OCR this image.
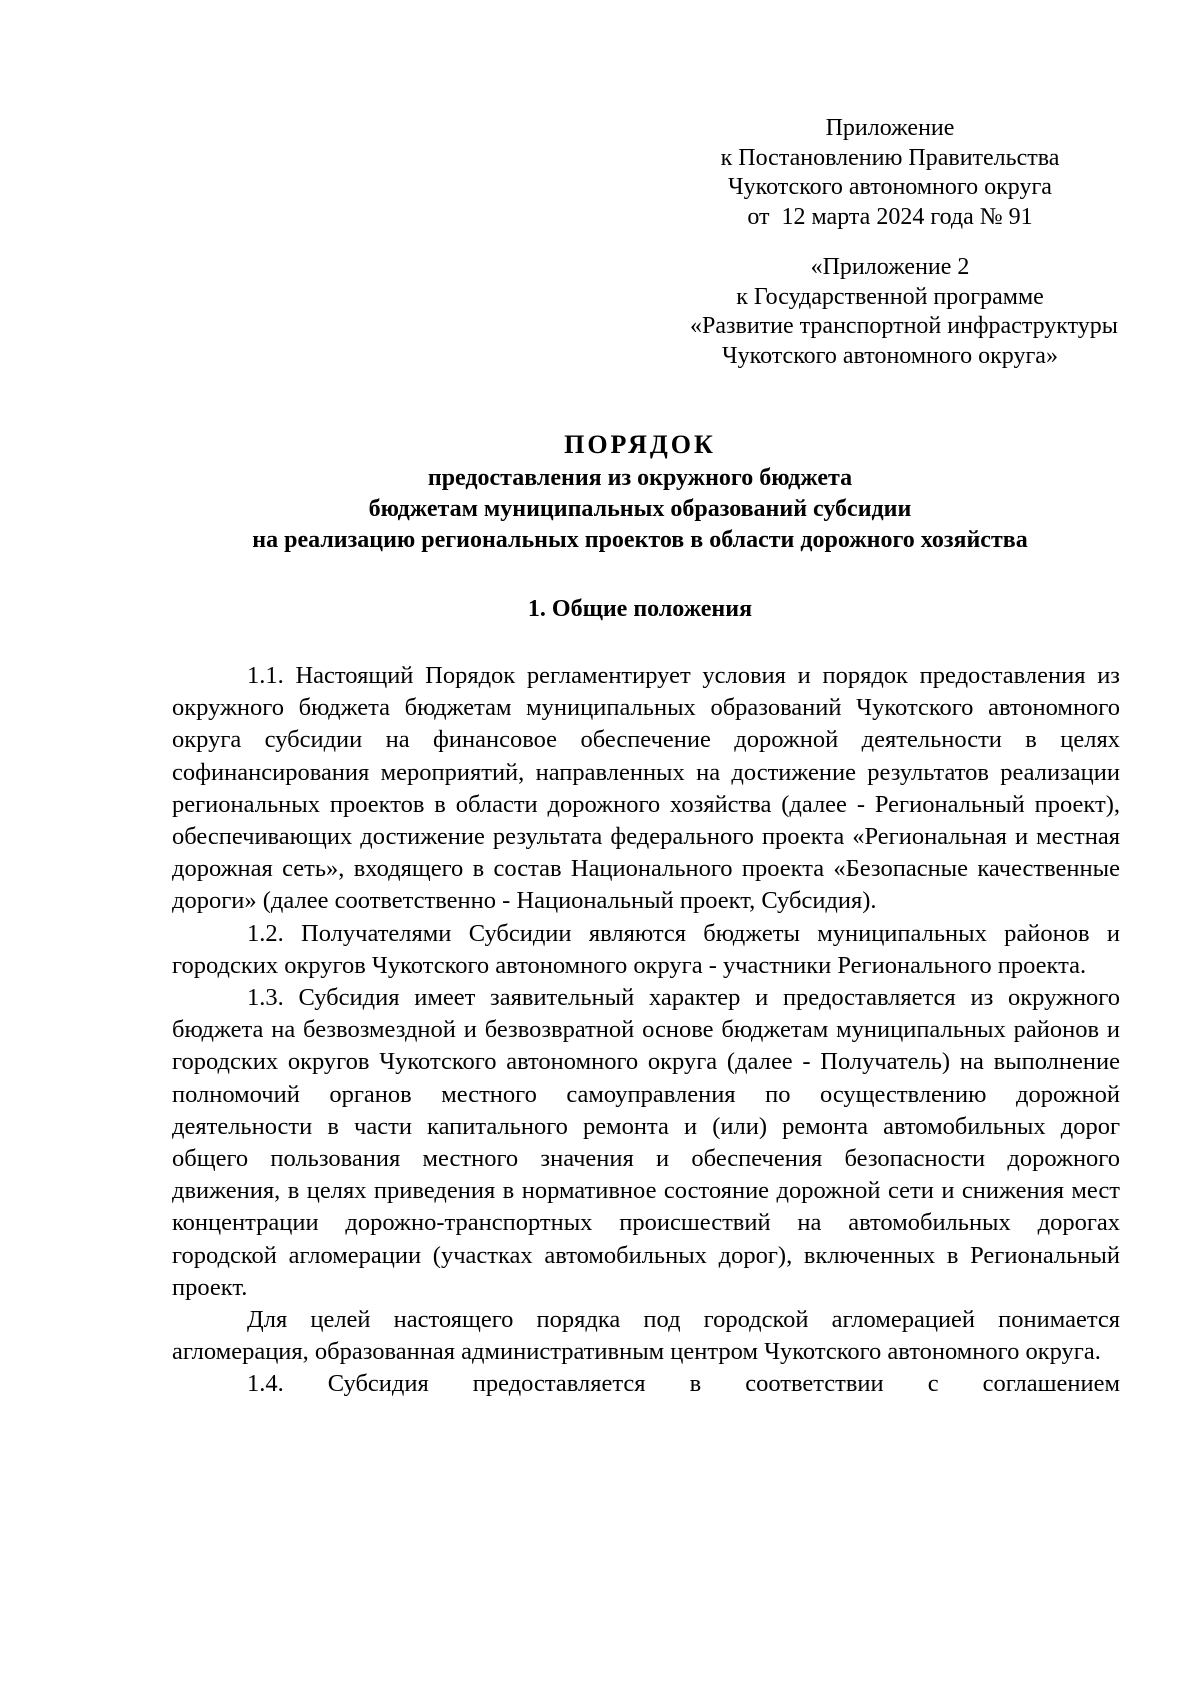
Приложение
к Постановлению Правительства
Чукотского автономного округа
от  12 марта 2024 года № 91
«Приложение 2
к Государственной программе
«Развитие транспортной инфраструктуры
Чукотского автономного округа»
ПОРЯДОК
предоставления из окружного бюджета
бюджетам муниципальных образований субсидии
на реализацию региональных проектов в области дорожного хозяйства
1. Общие положения

1.1. Настоящий Порядок регламентирует условия и порядок предоставления из окружного бюджета бюджетам муниципальных образований Чукотского автономного округа субсидии на финансовое обеспечение дорожной деятельности в целях софинансирования мероприятий, направленных на достижение результатов реализации региональных проектов в области дорожного хозяйства (далее - Региональный проект), обеспечивающих достижение результата федерального проекта «Региональная и местная дорожная сеть», входящего в состав Национального проекта «Безопасные качественные дороги» (далее соответственно - Национальный проект, Субсидия).

1.2. Получателями Субсидии являются бюджеты муниципальных районов и городских округов Чукотского автономного округа - участники Регионального проекта.

1.3. Субсидия имеет заявительный характер и предоставляется из окружного бюджета на безвозмездной и безвозвратной основе бюджетам муниципальных районов и городских округов Чукотского автономного округа (далее - Получатель) на выполнение полномочий органов местного самоуправления по осуществлению дорожной деятельности в части капитального ремонта и (или) ремонта автомобильных дорог общего пользования местного значения и обеспечения безопасности дорожного движения, в целях приведения в нормативное состояние дорожной сети и снижения мест концентрации дорожно-транспортных происшествий на автомобильных дорогах городской агломерации (участках автомобильных дорог), включенных в Региональный проект.

Для целей настоящего порядка под городской агломерацией понимается агломерация, образованная административным центром Чукотского автономного округа.

1.4. Субсидия предоставляется в соответствии с соглашением
